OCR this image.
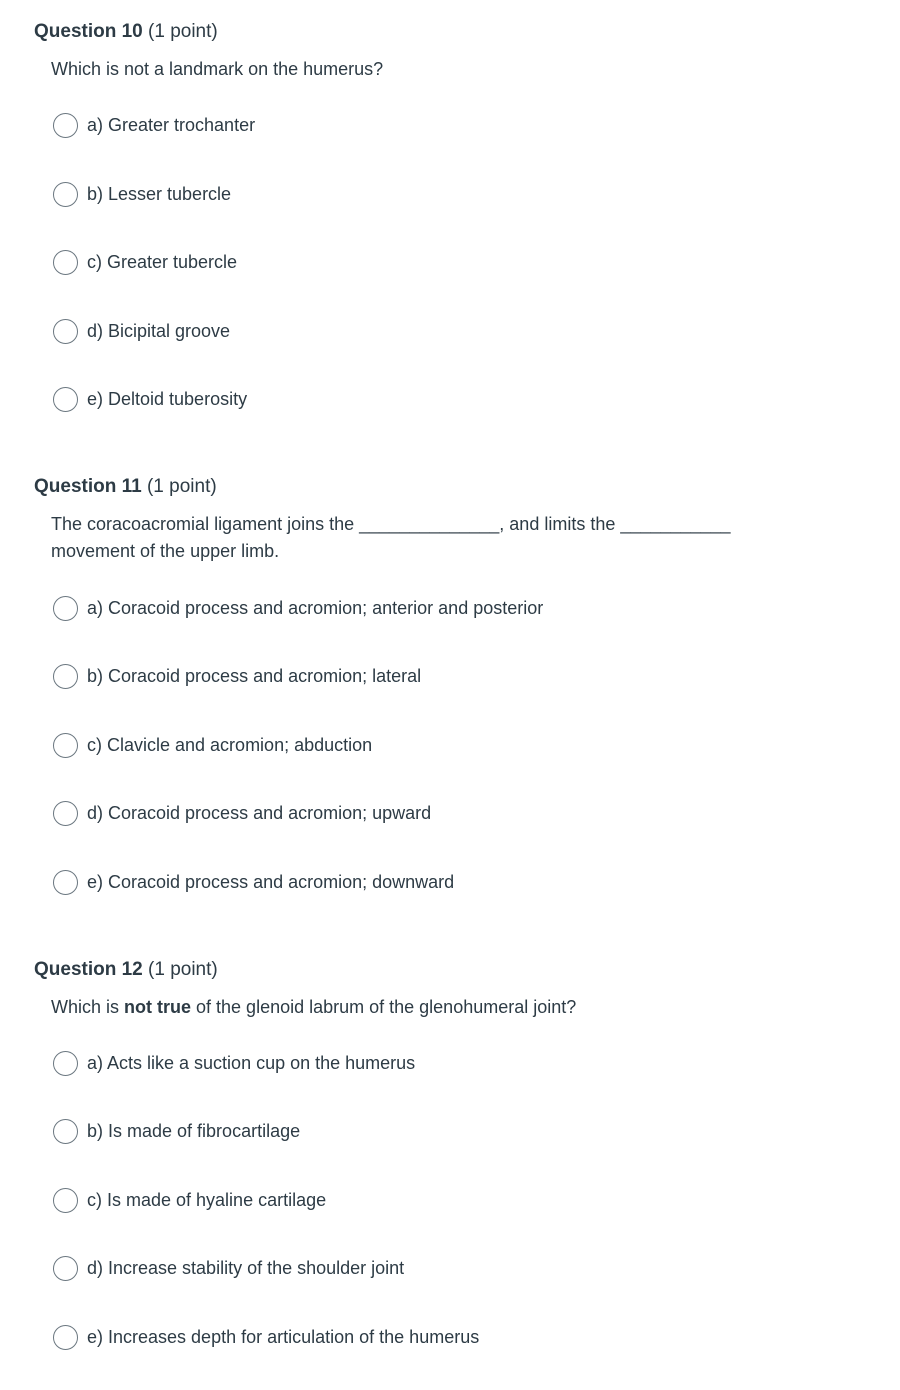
Question 10 (1 point)
Which is not a landmark on the humerus?
a) Greater trochanter
b) Lesser tubercle
c) Greater tubercle
d) Bicipital groove
e) Deltoid tuberosity
Question 11 (1 point)
The coracoacromial ligament joins the ______________, and limits the ___________ movement of the upper limb.
a) Coracoid process and acromion; anterior and posterior
b) Coracoid process and acromion; lateral
c) Clavicle and acromion; abduction
d) Coracoid process and acromion; upward
e) Coracoid process and acromion; downward
Question 12 (1 point)
Which is not true of the glenoid labrum of the glenohumeral joint?
a) Acts like a suction cup on the humerus
b) Is made of fibrocartilage
c) Is made of hyaline cartilage
d) Increase stability of the shoulder joint
e) Increases depth for articulation of the humerus
